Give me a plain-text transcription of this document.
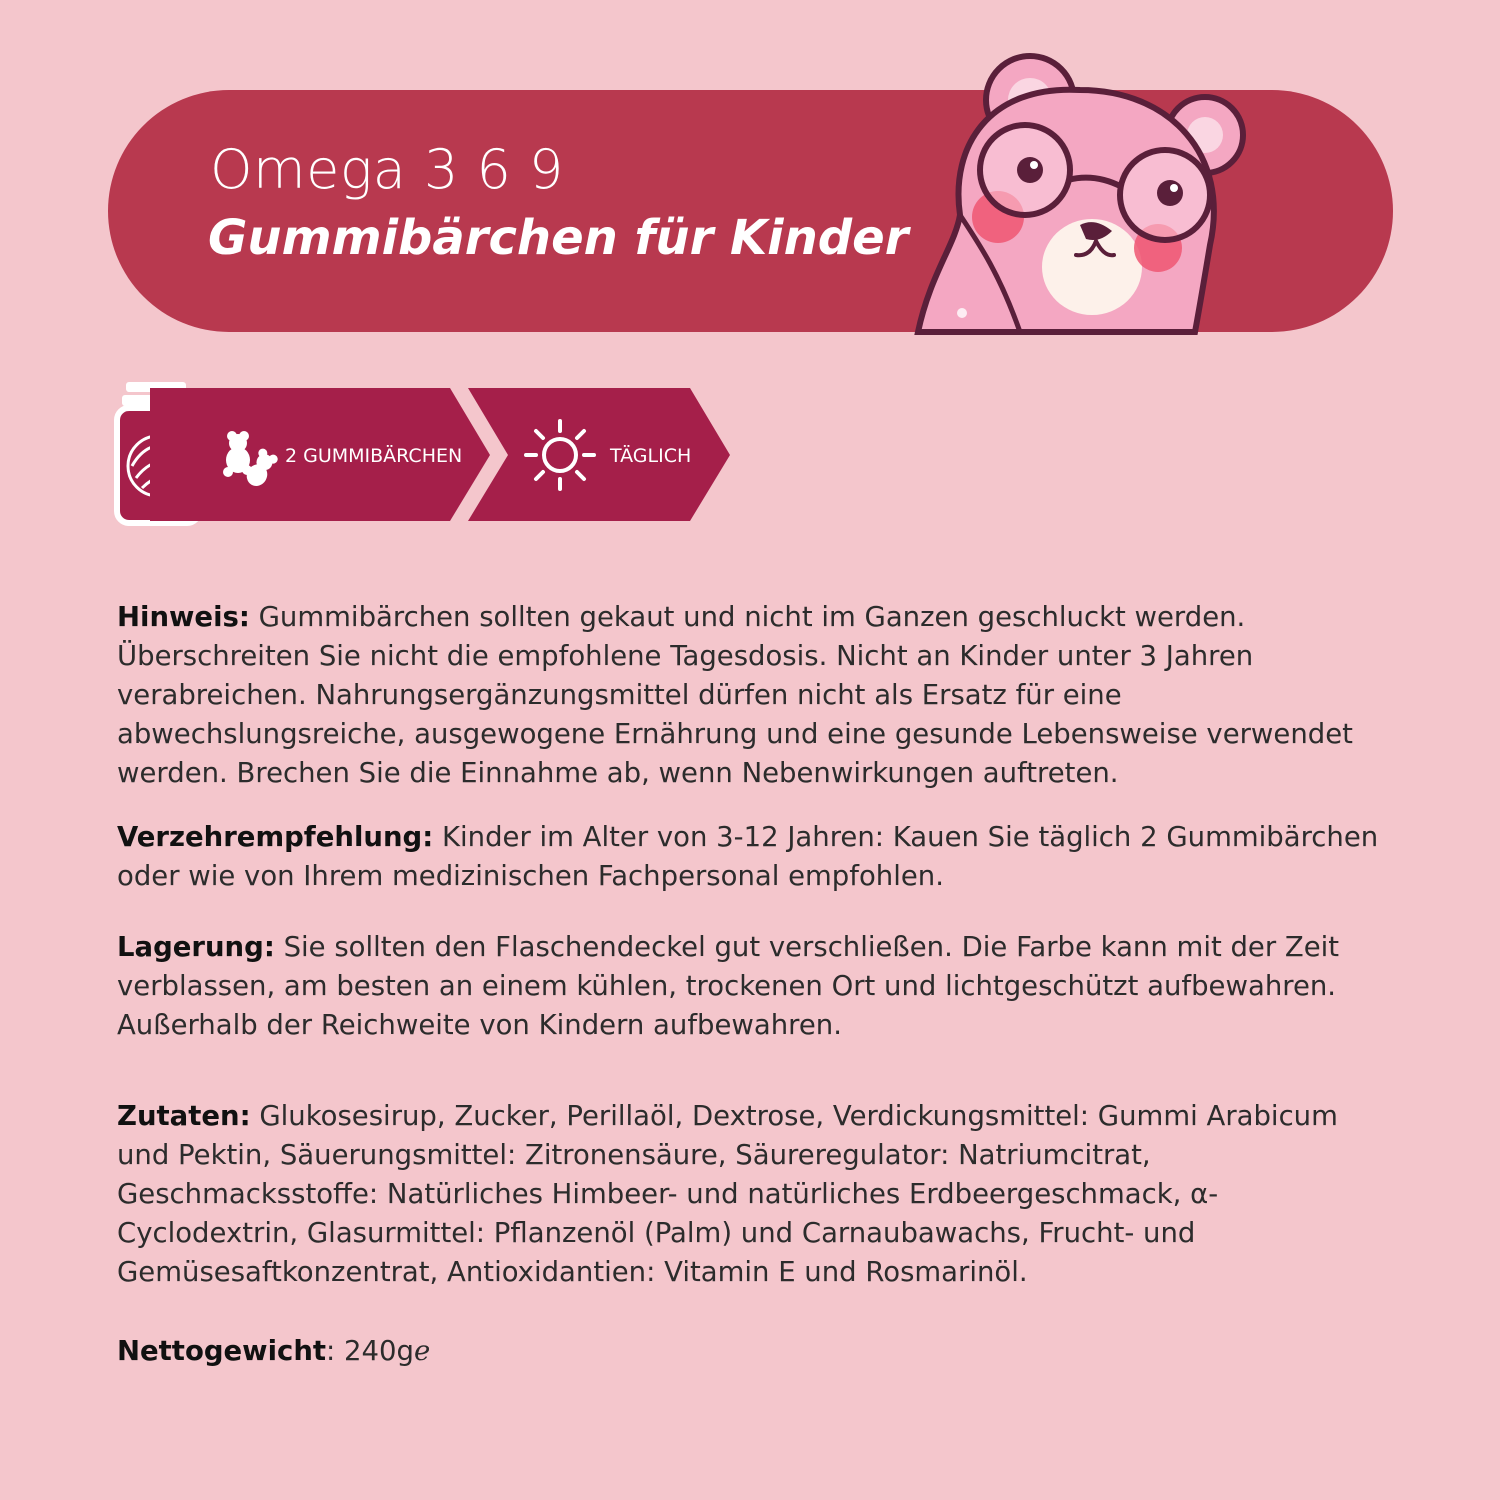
Omega 3 6 9
Gummibärchen für Kinder
2 GUMMIBÄRCHEN	TÄGLICH

Hinweis: Gummibärchen sollten gekaut und nicht im Ganzen geschluckt werden. Überschreiten Sie nicht die empfohlene Tagesdosis. Nicht an Kinder unter 3 Jahren verabreichen. Nahrungsergänzungsmittel dürfen nicht als Ersatz für eine abwechslungsreiche, ausgewogene Ernährung und eine gesunde Lebensweise verwendet werden. Brechen Sie die Einnahme ab, wenn Nebenwirkungen auftreten.

Verzehrempfehlung: Kinder im Alter von 3-12 Jahren: Kauen Sie täglich 2 Gummibärchen oder wie von Ihrem medizinischen Fachpersonal empfohlen.

Lagerung: Sie sollten den Flaschendeckel gut verschließen. Die Farbe kann mit der Zeit verblassen, am besten an einem kühlen, trockenen Ort und lichtgeschützt aufbewahren. Außerhalb der Reichweite von Kindern aufbewahren.

Zutaten: Glukosesirup, Zucker, Perillaöl, Dextrose, Verdickungsmittel: Gummi Arabicum und Pektin, Säuerungsmittel: Zitronensäure, Säureregulator: Natriumcitrat, Geschmacksstoffe: Natürliches Himbeer- und natürliches Erdbeergeschmack, α-Cyclodextrin, Glasurmittel: Pflanzenöl (Palm) und Carnaubawachs, Frucht- und Gemüsesaftkonzentrat, Antioxidantien: Vitamin E und Rosmarinöl.

Nettogewicht: 240gℯ
